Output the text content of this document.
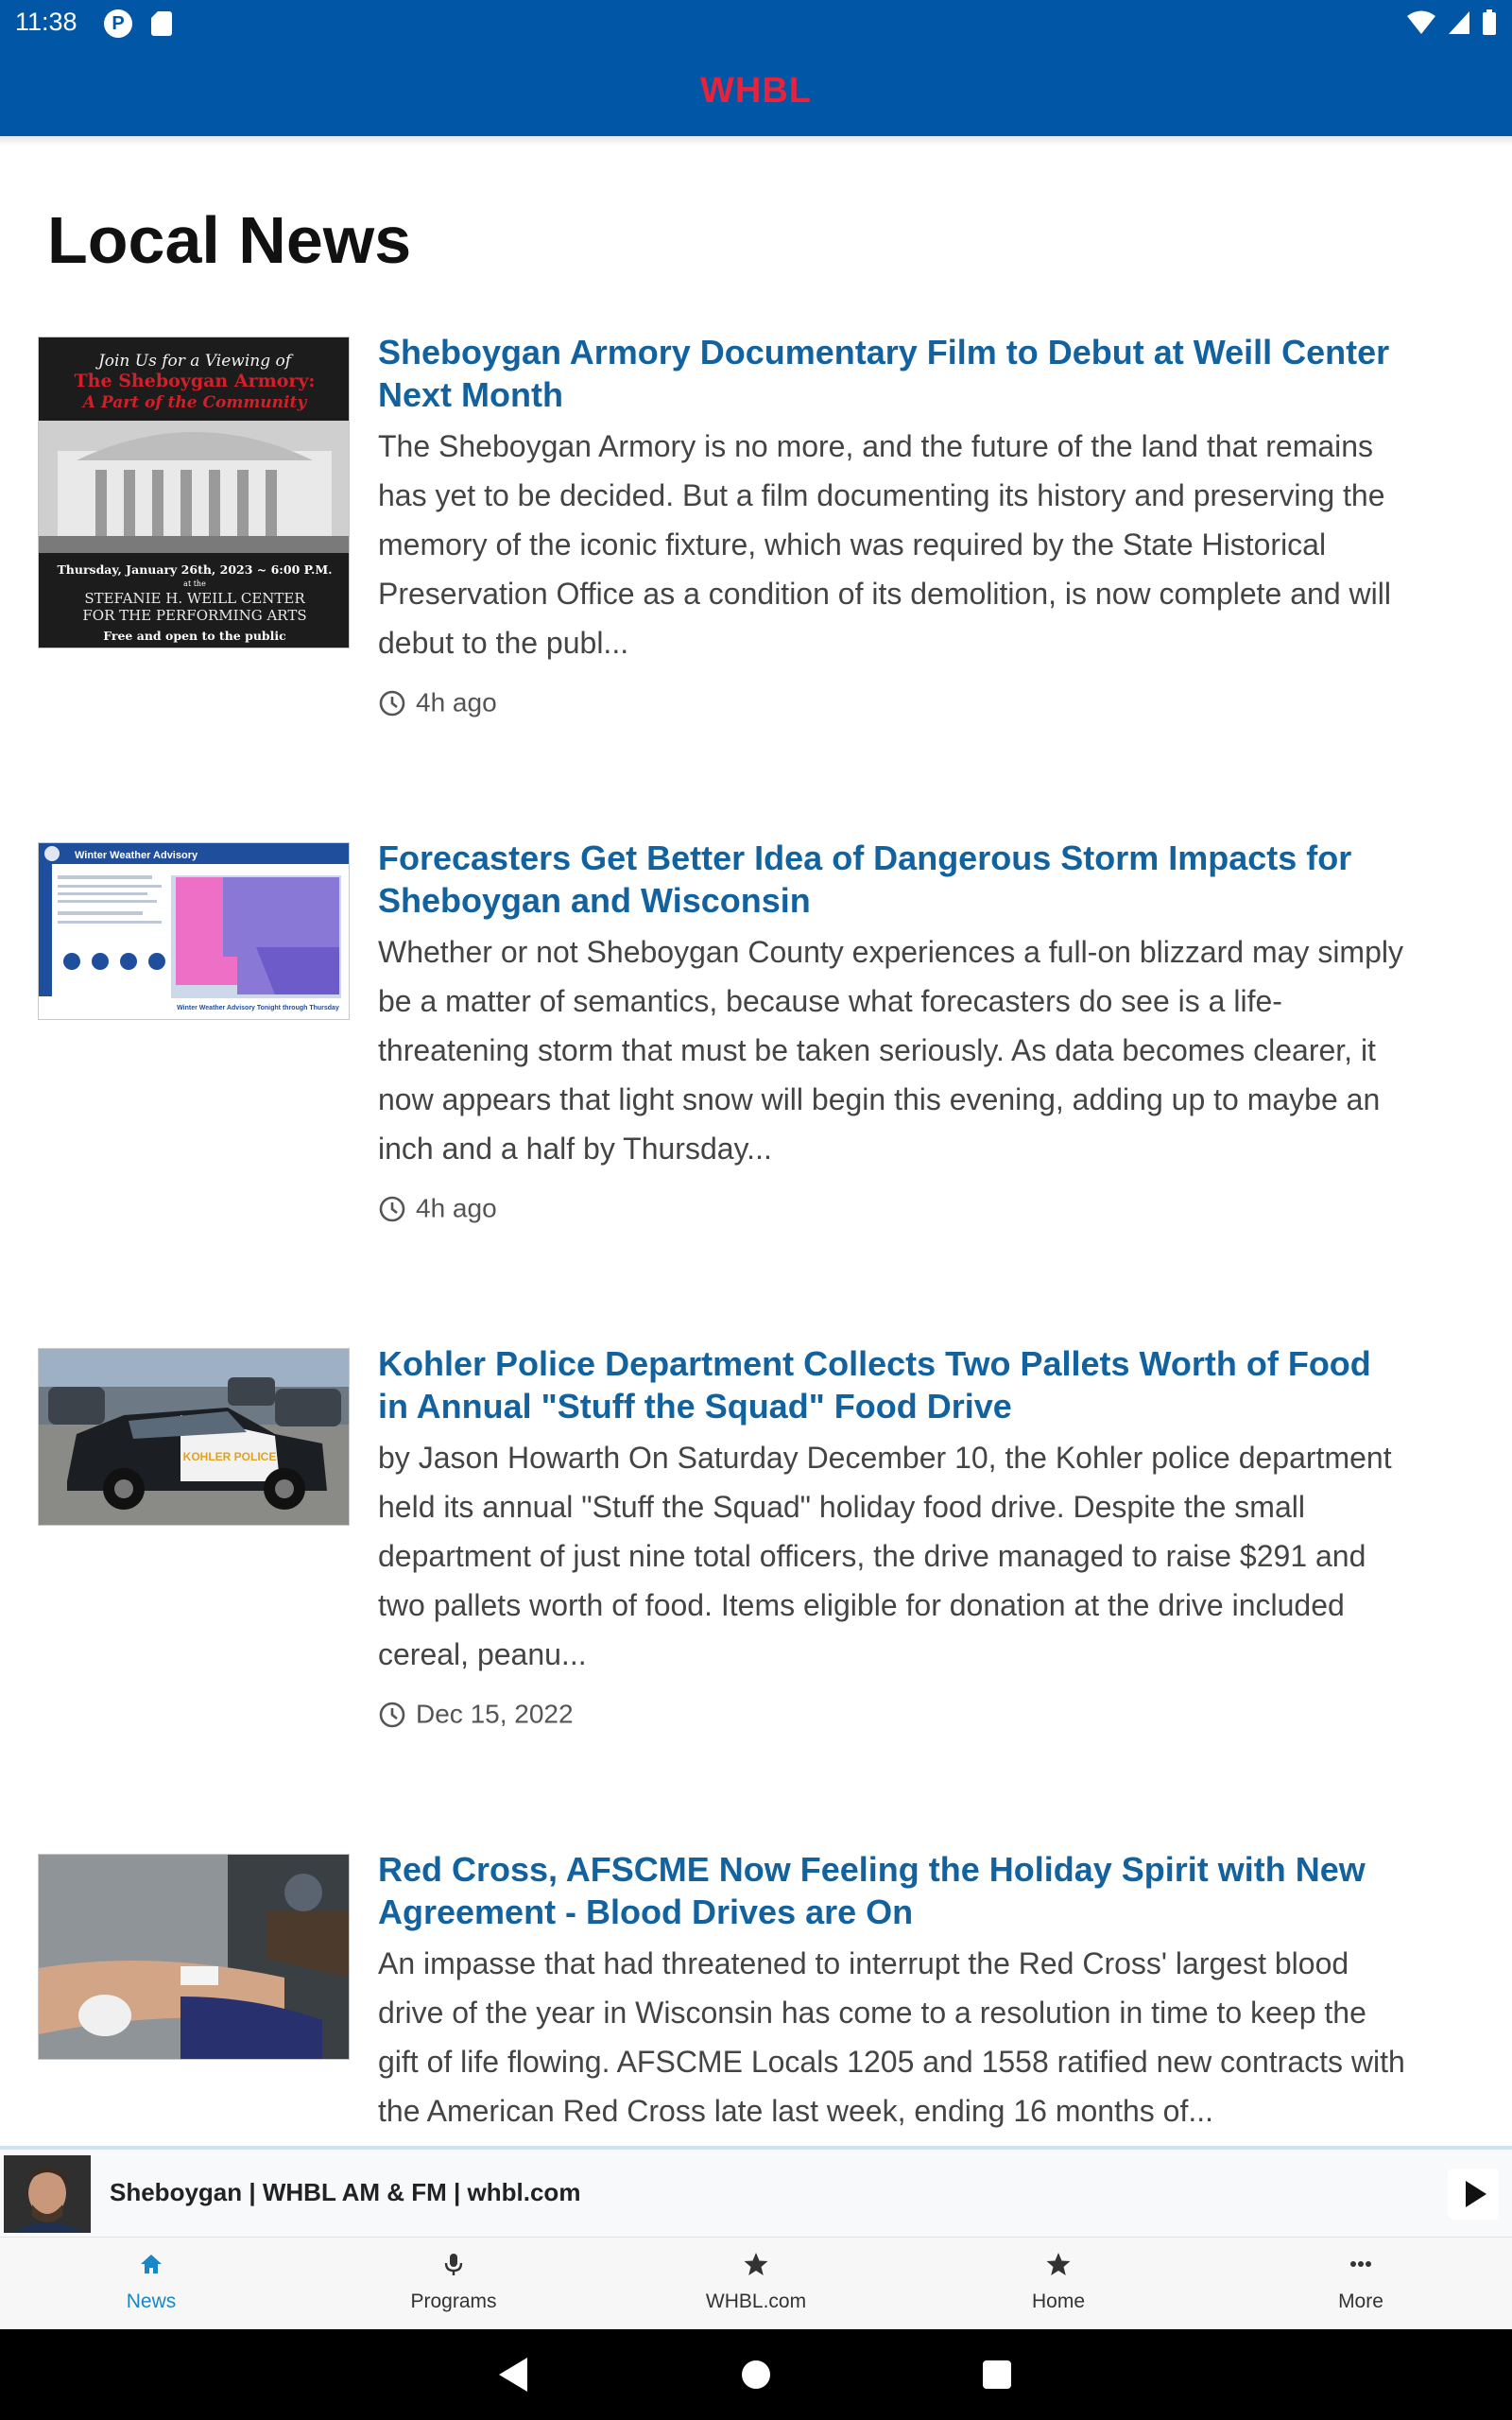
11:38	P

WHBL
Local News
Join Us for a Viewing of
The Sheboygan Armory:
A Part of the Community
Thursday, January 26th, 2023 ~ 6:00 P.M.
at the
STEFANIE H. WEILL CENTER
FOR THE PERFORMING ARTS
Free and open to the public
Sheboygan Armory Documentary Film to Debut at Weill Center Next Month
The Sheboygan Armory is no more, and the future of the land that remains has yet to be decided. But a film documenting its history and preserving the memory of the iconic fixture, which was required by the State Historical Preservation Office as a condition of its demolition, is now complete and will debut to the publ...
4h ago
Winter Weather Advisory
Winter Weather Advisory Tonight through Thursday
Forecasters Get Better Idea of Dangerous Storm Impacts for Sheboygan and Wisconsin
Whether or not Sheboygan County experiences a full-on blizzard may simply be a matter of semantics, because what forecasters do see is a life-threatening storm that must be taken seriously. As data becomes clearer, it now appears that light snow will begin this evening, adding up to maybe an inch and a half by Thursday...
4h ago
KOHLER POLICE
Kohler Police Department Collects Two Pallets Worth of Food in Annual "Stuff the Squad" Food Drive
by Jason Howarth On Saturday December 10, the Kohler police department held its annual "Stuff the Squad" holiday food drive. Despite the small department of just nine total officers, the drive managed to raise $291 and two pallets worth of food. Items eligible for donation at the drive included cereal, peanu...
Dec 15, 2022
Red Cross, AFSCME Now Feeling the Holiday Spirit with New Agreement - Blood Drives are On
An impasse that had threatened to interrupt the Red Cross' largest blood drive of the year in Wisconsin has come to a resolution in time to keep the gift of life flowing. AFSCME Locals 1205 and 1558 ratified new contracts with the American Red Cross late last week, ending 16 months of...
Sheboygan | WHBL AM & FM | whbl.com
News	Programs	WHBL.com	Home	More
